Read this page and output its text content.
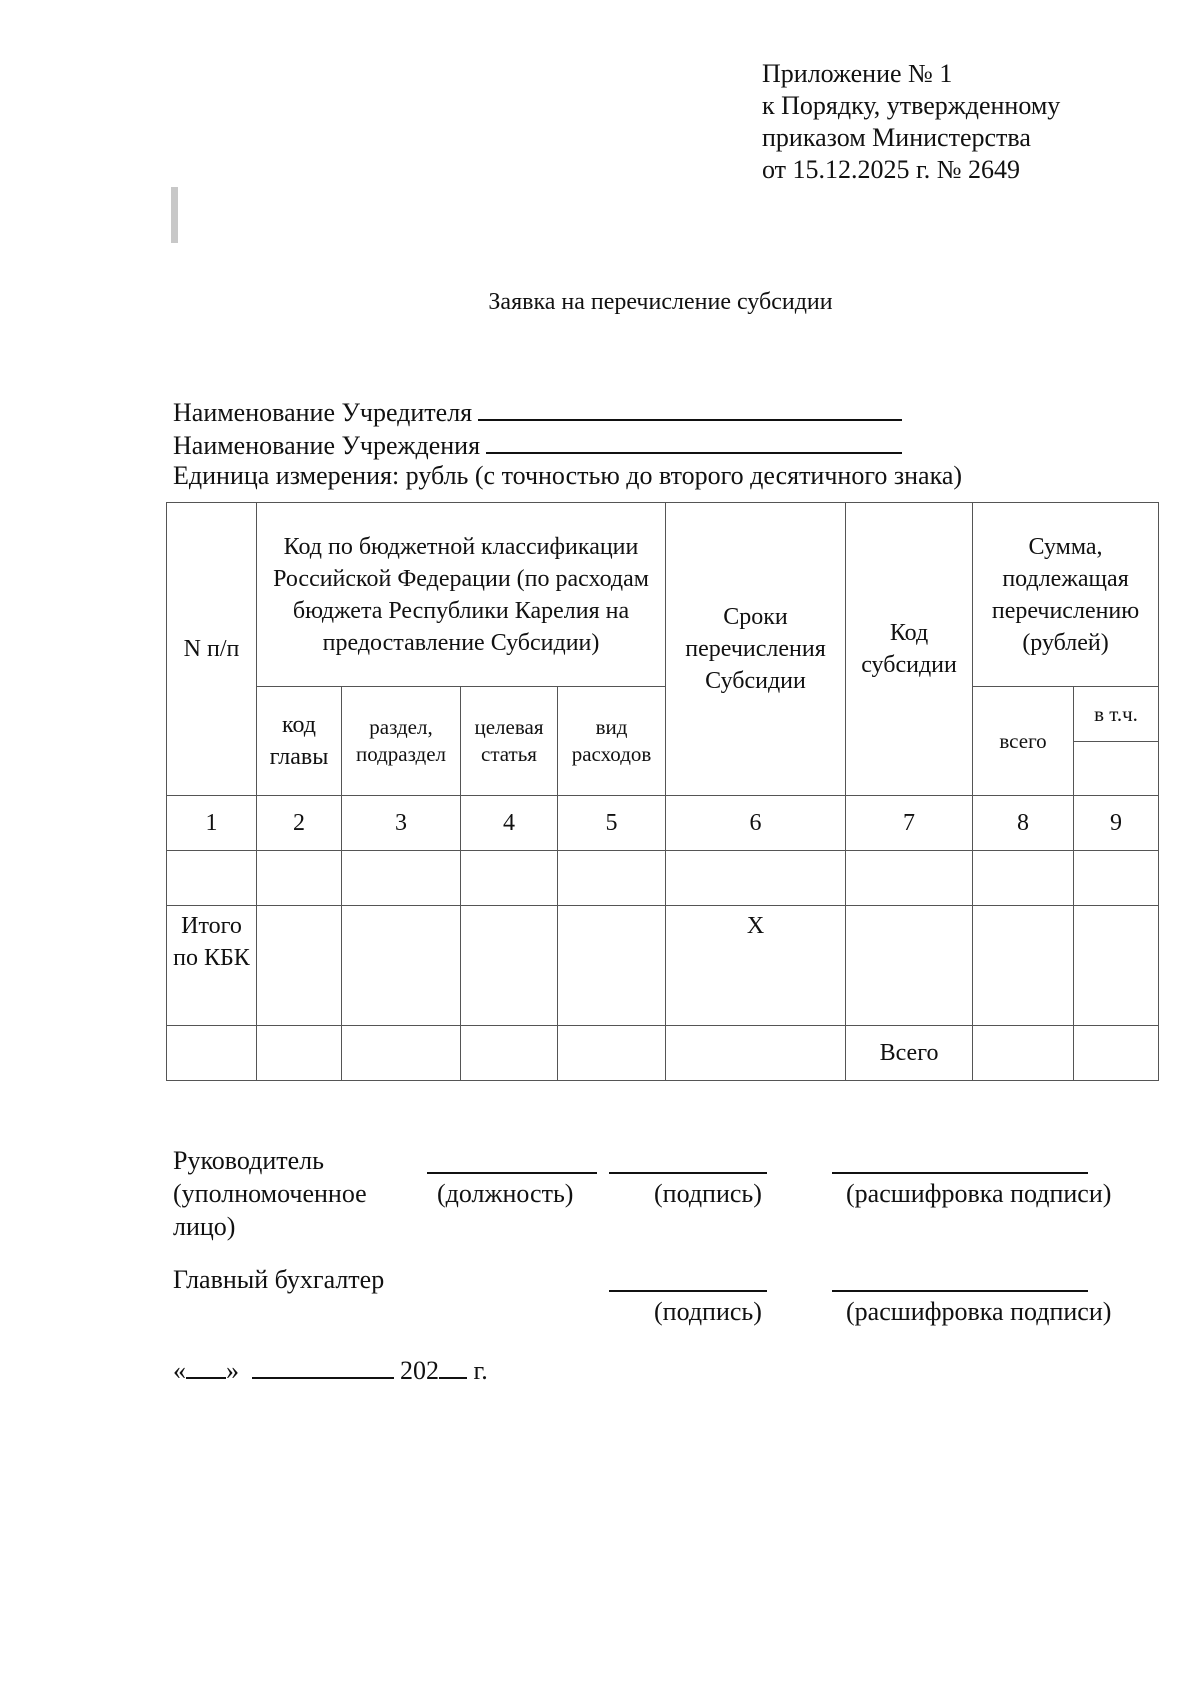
Приложение № 1
к Порядку, утвержденному
приказом Министерства
от 15.12.2025 г. № 2649
Заявка на перечисление субсидии
Наименование Учредителя
Наименование Учреждения
Единица измерения: рубль (с точностью до второго десятичного знака)
N п/п	Код по бюджетной классификации Российской Федерации (по расходам бюджета Республики Карелия на предоставление Субсидии)				Сроки перечисления Субсидии	Код субсидии	Сумма, подлежащая перечислению (рублей)	
	код главы	раздел, подраздел	целевая статья	вид расходов			всего	в т.ч.

1	2	3	4	5	6	7	8	9

Итого по КБК					X			
						Всего		
Руководитель
(уполномоченное
лицо)
(должность)	(подпись)	(расшифровка подписи)
Главный бухгалтер
(подпись)	(расшифровка подписи)
« »	202 г.
